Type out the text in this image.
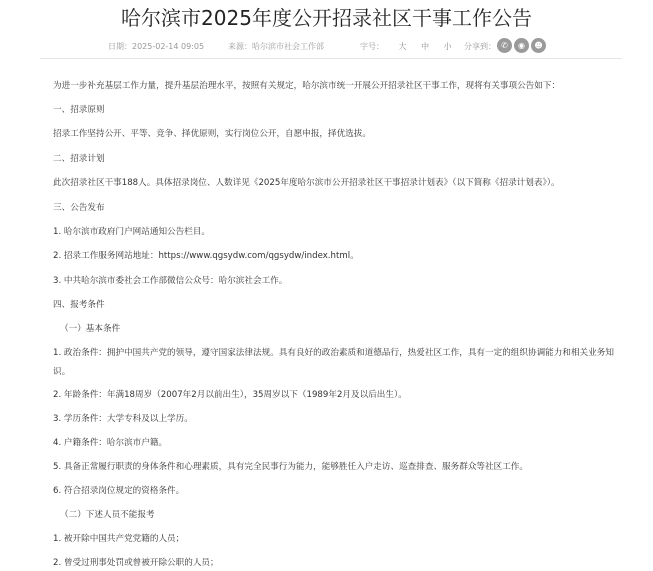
哈尔滨市2025年度公开招录社区干事工作公告
日期：2025-02-14 09:05	来源：哈尔滨市社会工作部	字号： 大 中 小	分享到： ✆	◉	☻
为进一步补充基层工作力量，提升基层治理水平，按照有关规定，哈尔滨市统一开展公开招录社区干事工作，现将有关事项公告如下：
一、招录原则
招录工作坚持公开、平等、竞争、择优原则，实行岗位公开，自愿申报，择优选拔。
二、招录计划
此次招录社区干事188人。具体招录岗位、人数详见《2025年度哈尔滨市公开招录社区干事招录计划表》（以下简称《招录计划表》）。
三、公告发布
1. 哈尔滨市政府门户网站通知公告栏目。
2. 招录工作服务网站地址：https://www.qgsydw.com/qgsydw/index.html。
3. 中共哈尔滨市委社会工作部微信公众号：哈尔滨社会工作。
四、报考条件
（一）基本条件
1. 政治条件：拥护中国共产党的领导，遵守国家法律法规。具有良好的政治素质和道德品行，热爱社区工作，具有一定的组织协调能力和相关业务知识。
2. 年龄条件：年满18周岁（2007年2月以前出生），35周岁以下（1989年2月及以后出生）。
3. 学历条件：大学专科及以上学历。
4. 户籍条件：哈尔滨市户籍。
5. 具备正常履行职责的身体条件和心理素质，具有完全民事行为能力，能够胜任入户走访、巡查排查、服务群众等社区工作。
6. 符合招录岗位规定的资格条件。
（二）下述人员不能报考
1. 被开除中国共产党党籍的人员；
2. 曾受过刑事处罚或曾被开除公职的人员；
